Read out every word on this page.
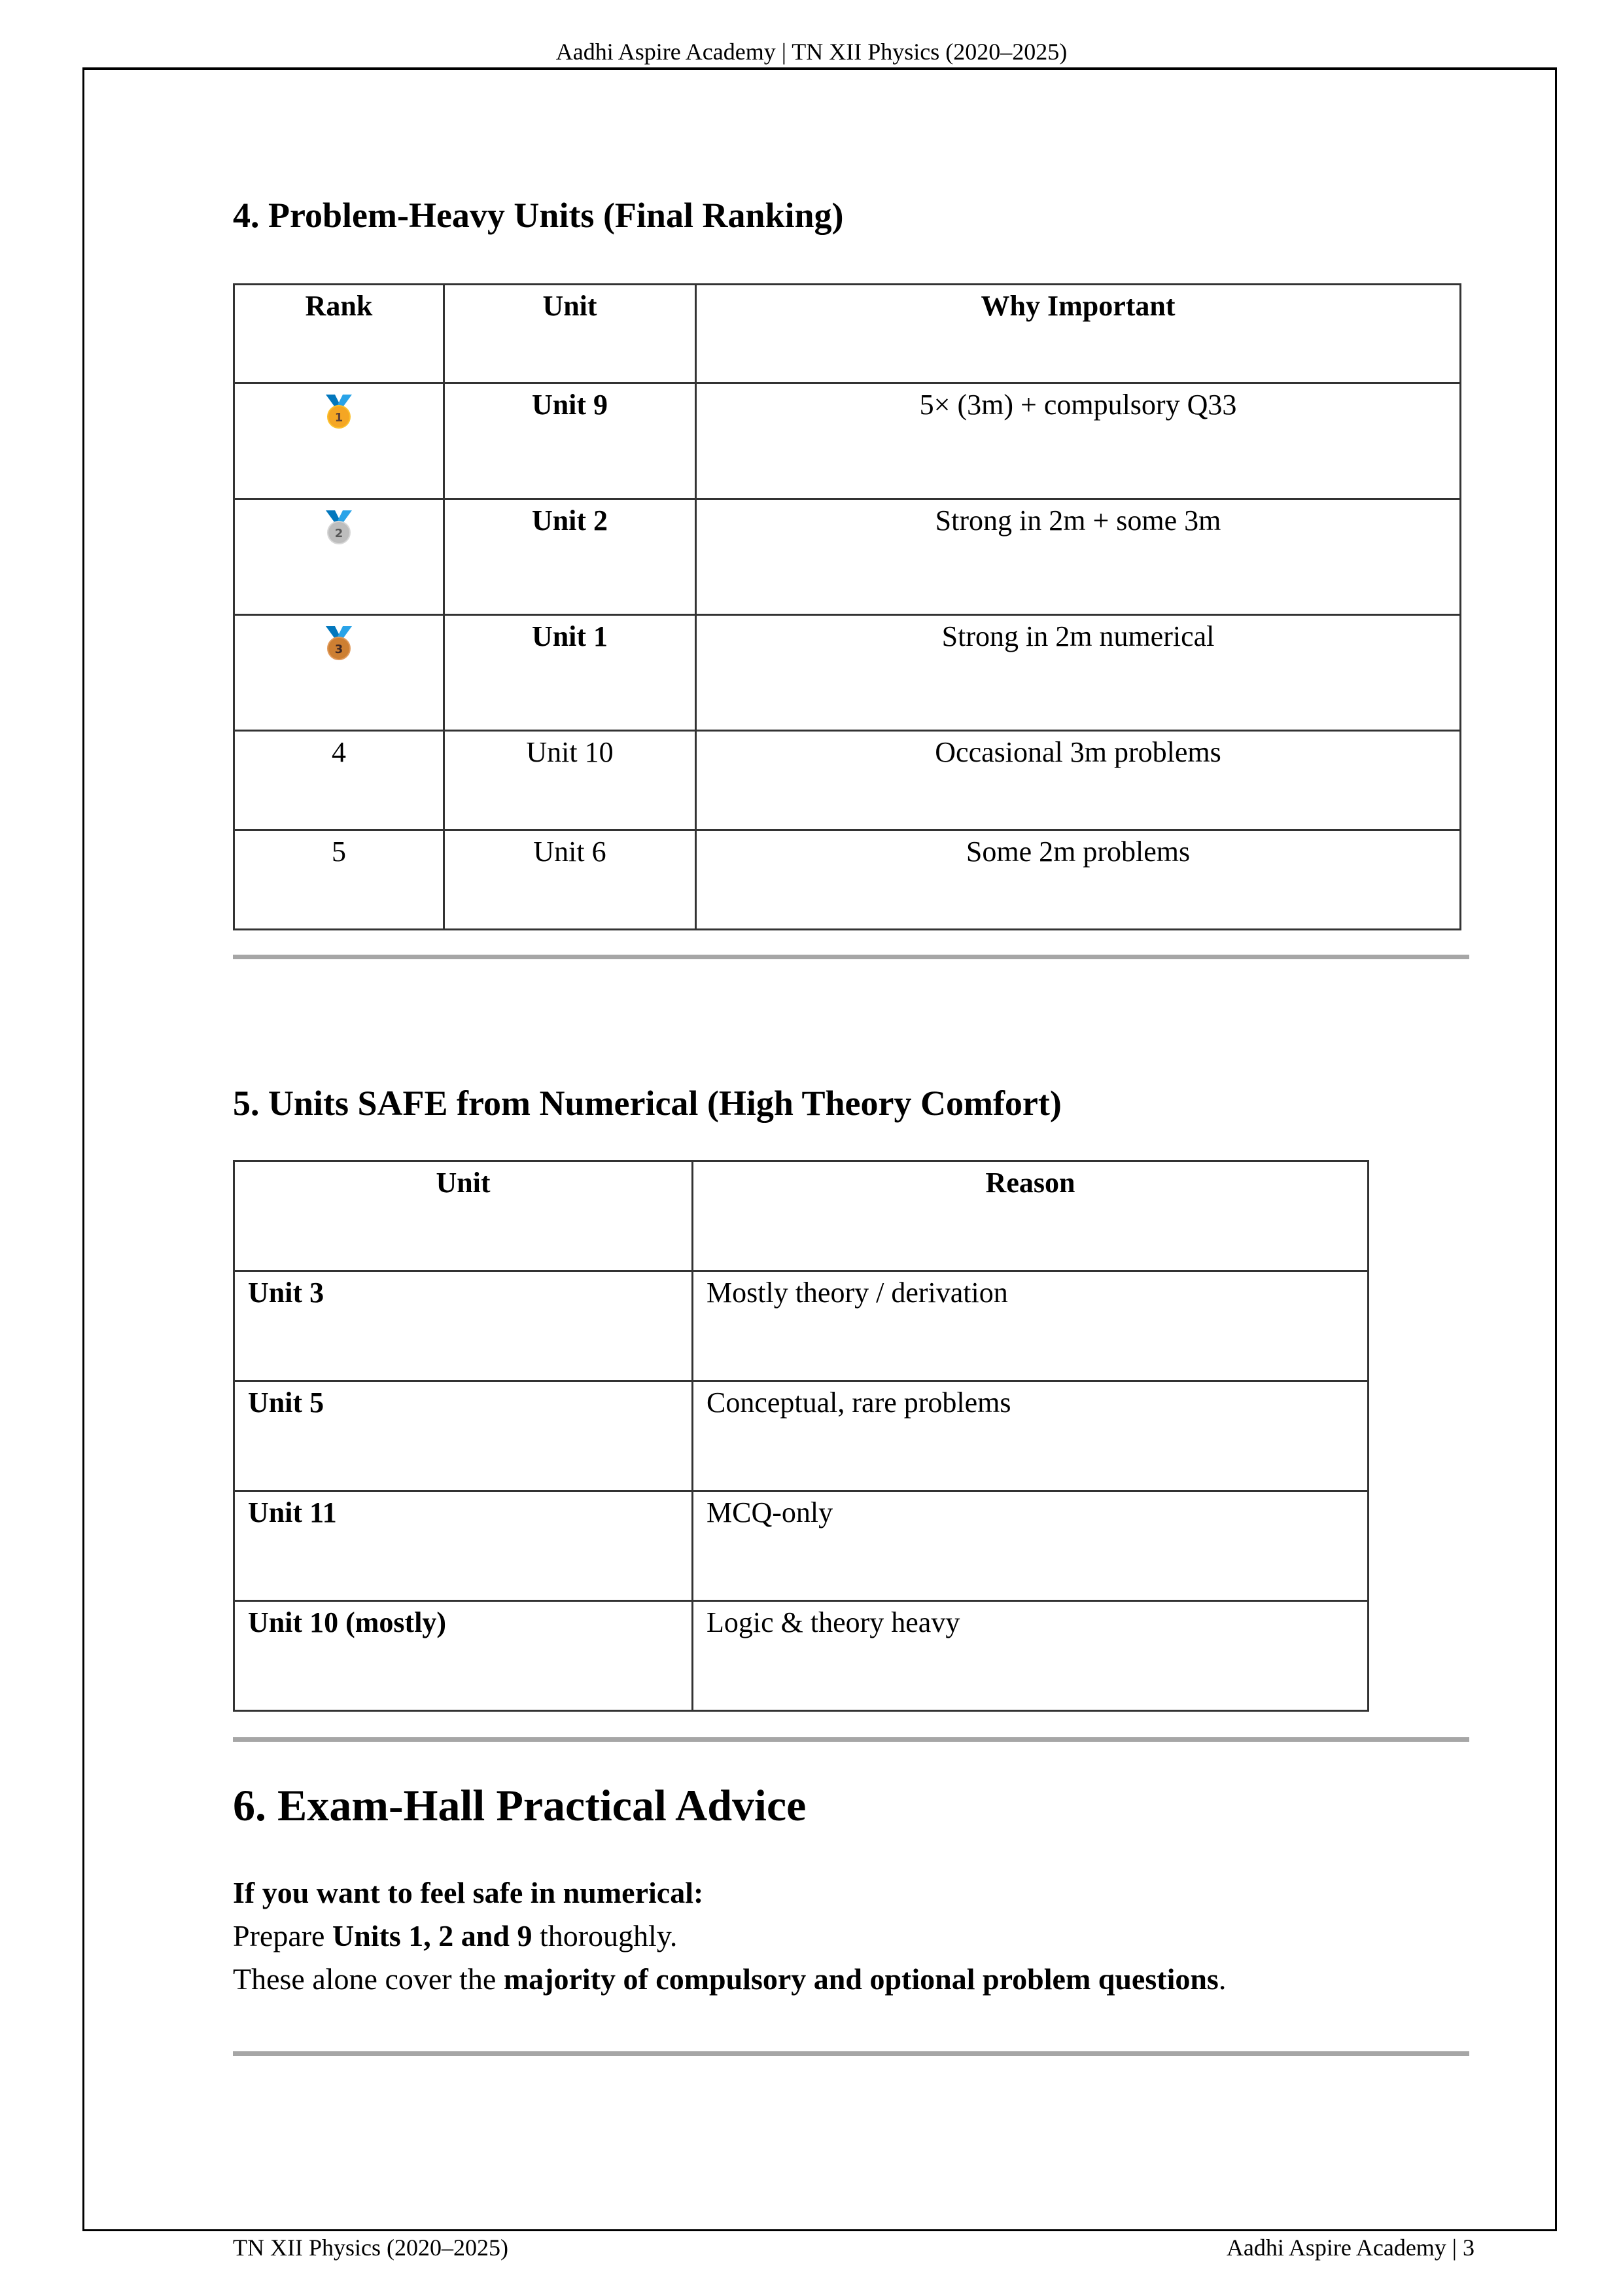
Aadhi Aspire Academy | TN XII Physics (2020–2025)
4. Problem-Heavy Units (Final Ranking)
Rank	Unit	Why Important

1	Unit 9	5× (3m) + compulsory Q33

2	Unit 2	Strong in 2m + some 3m

3	Unit 1	Strong in 2m numerical
4	Unit 10	Occasional 3m problems
5	Unit 6	Some 2m problems
5. Units SAFE from Numerical (High Theory Comfort)
Unit	Reason
Unit 3	Mostly theory / derivation
Unit 5	Conceptual, rare problems
Unit 11	MCQ-only
Unit 10 (mostly)	Logic & theory heavy
6. Exam-Hall Practical Advice
If you want to feel safe in numerical:
Prepare Units 1, 2 and 9 thoroughly.
These alone cover the majority of compulsory and optional problem questions.
TN XII Physics (2020–2025)	Aadhi Aspire Academy | 3
